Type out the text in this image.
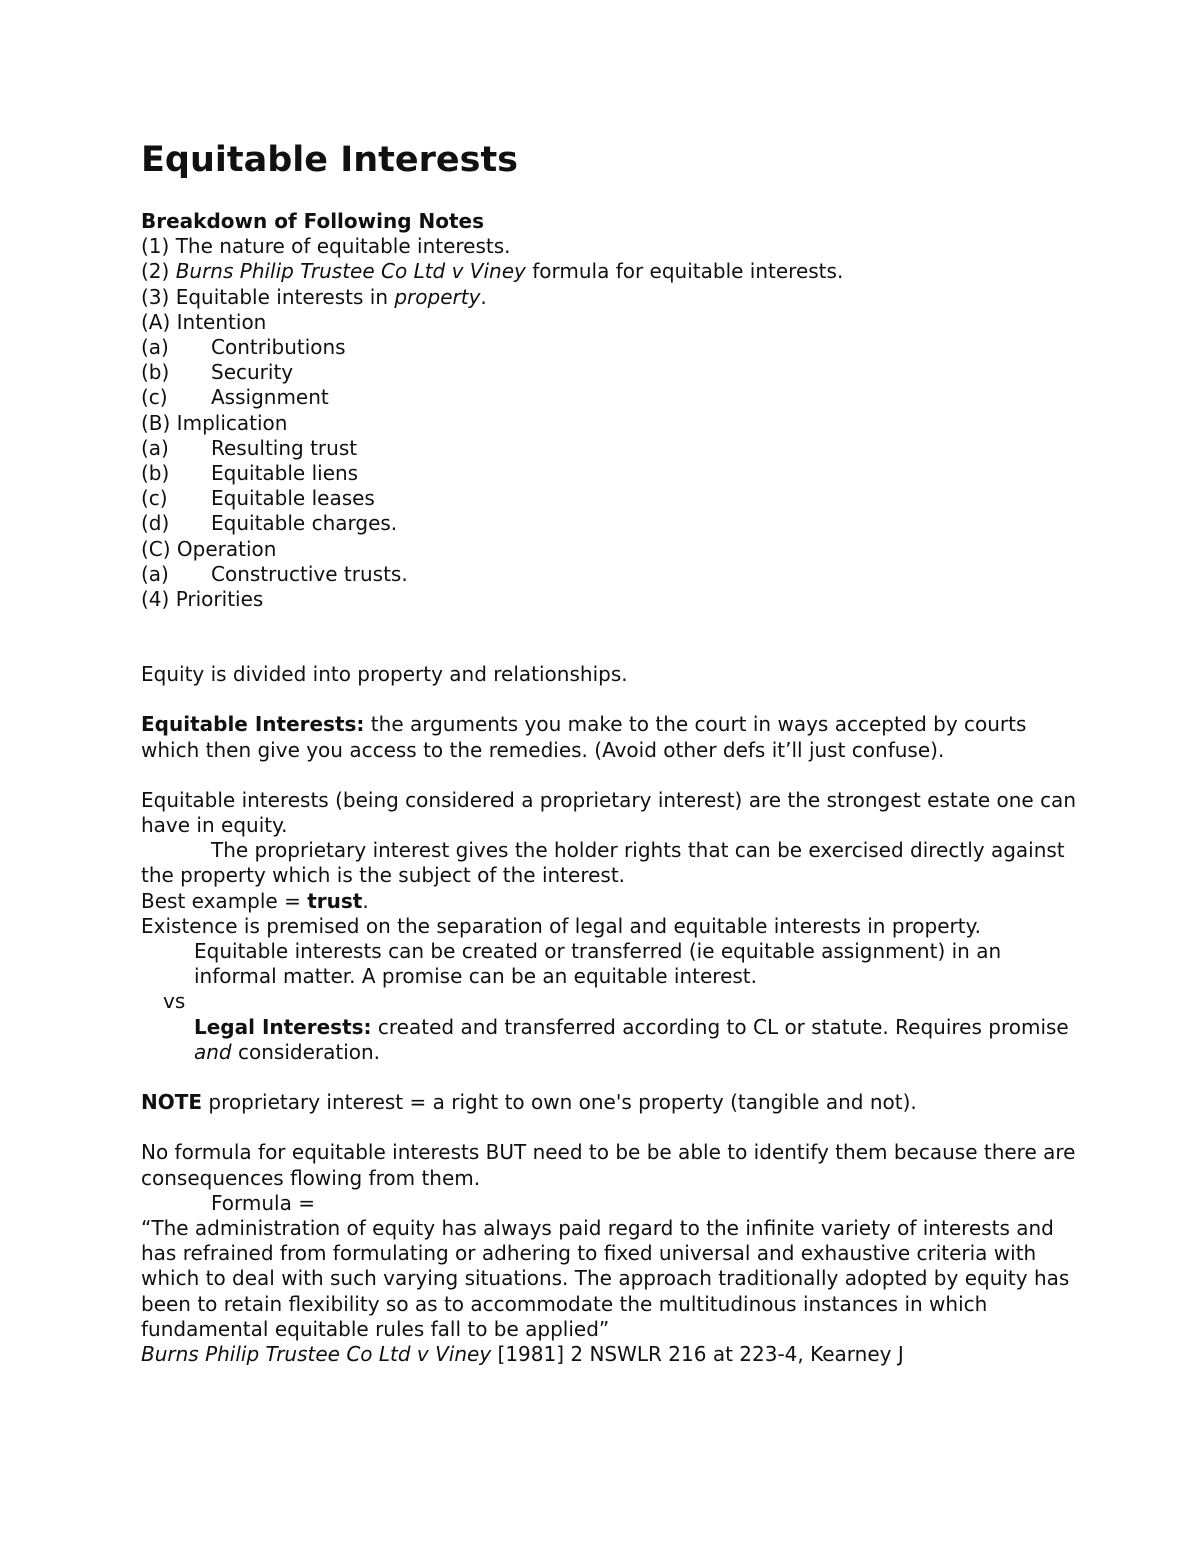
Equitable Interests

Breakdown of Following Notes

(1) The nature of equitable interests.

(2) Burns Philip Trustee Co Ltd v Viney formula for equitable interests.

(3) Equitable interests in property.

(A) Intention

(a) Contributions

(b) Security

(c) Assignment

(B) Implication

(a) Resulting trust

(b) Equitable liens

(c) Equitable leases

(d) Equitable charges.

(C) Operation

(a) Constructive trusts.

(4) Priorities

Equity is divided into property and relationships.

Equitable Interests: the arguments you make to the court in ways accepted by courts which then give you access to the remedies. (Avoid other defs it’ll just confuse).

Equitable interests (being considered a proprietary interest) are the strongest estate one can have in equity.

The proprietary interest gives the holder rights that can be exercised directly against the property which is the subject of the interest.

Best example = trust.

Existence is premised on the separation of legal and equitable interests in property.

Equitable interests can be created or transferred (ie equitable assignment) in an informal matter. A promise can be an equitable interest.

vs

Legal Interests: created and transferred according to CL or statute. Requires promise and consideration.

NOTE proprietary interest = a right to own one's property (tangible and not).

No formula for equitable interests BUT need to be be able to identify them because there are consequences flowing from them.

Formula =

“The administration of equity has always paid regard to the infinite variety of interests and has refrained from formulating or adhering to fixed universal and exhaustive criteria with which to deal with such varying situations. The approach traditionally adopted by equity has been to retain flexibility so as to accommodate the multitudinous instances in which fundamental equitable rules fall to be applied”

Burns Philip Trustee Co Ltd v Viney [1981] 2 NSWLR 216 at 223-4, Kearney J
